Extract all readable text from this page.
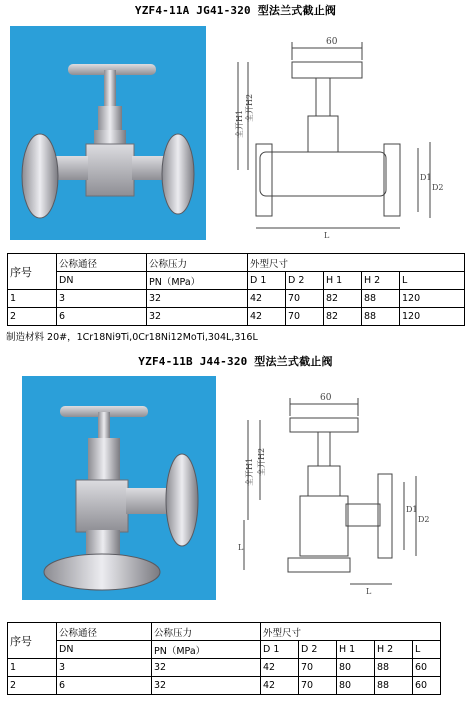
YZF4-11A JG41-320 型法兰式截止阀
60
全开H1
全开H2
D1
D2
L
序号	公称通径	公称压力	外型尺寸				
	DN	PN（MPa）	D 1	D 2	H 1	H 2	L
1	3	32	42	70	82	88	120
2	6	32	42	70	82	88	120
制造材料 20#，1Cr18Ni9Ti,0Cr18Ni12MoTi,304L,316L
YZF4-11B J44-320 型法兰式截止阀
60
全开H1 全开H2
D1
D2
L
L
序号	公称通径	公称压力	外型尺寸				
	DN	PN（MPa）	D 1	D 2	H 1	H 2	L
1	3	32	42	70	80	88	60
2	6	32	42	70	80	88	60
